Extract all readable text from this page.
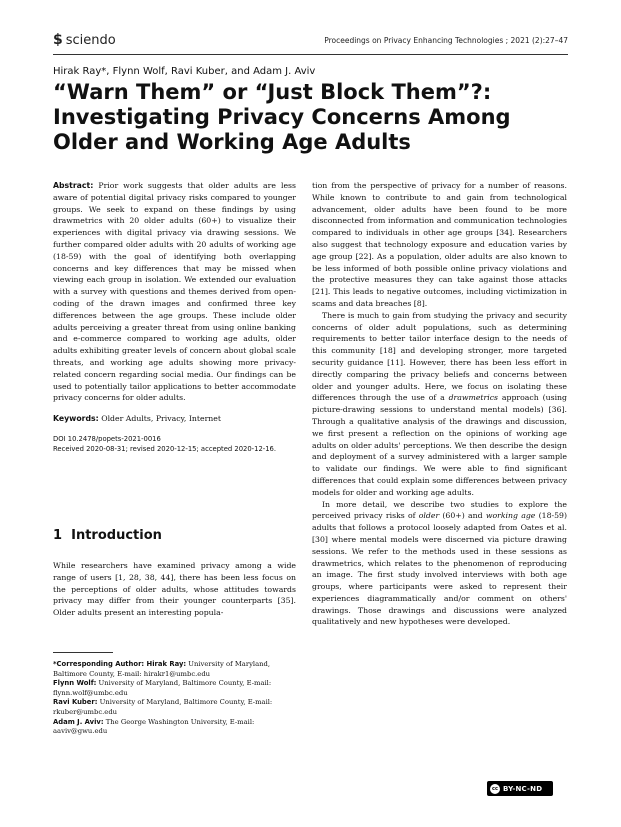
$ sciendo	Proceedings on Privacy Enhancing Technologies ; 2021 (2):27–47
Hirak Ray*, Flynn Wolf, Ravi Kuber, and Adam J. Aviv
“Warn Them” or “Just Block Them”?: Investigating Privacy Concerns Among Older and Working Age Adults

Abstract: Prior work suggests that older adults are less aware of potential digital privacy risks compared to younger groups. We seek to expand on these findings by using drawmetrics with 20 older adults (60+) to visualize their experiences with digital privacy via drawing sessions. We further compared older adults with 20 adults of working age (18-59) with the goal of identifying both overlapping concerns and key differences that may be missed when viewing each group in isolation. We extended our evaluation with a survey with questions and themes derived from open-coding of the drawn images and confirmed three key differences between the age groups. These include older adults perceiving a greater threat from using online banking and e-commerce compared to working age adults, older adults exhibiting greater levels of concern about global scale threats, and working age adults showing more privacy-related concern regarding social media. Our findings can be used to potentially tailor applications to better accommodate privacy concerns for older adults.

Keywords: Older Adults, Privacy, Internet

DOI 10.2478/popets-2021-0016

Received 2020-08-31; revised 2020-12-15; accepted 2020-12-16.

1 Introduction

While researchers have examined privacy among a wide range of users [1, 28, 38, 44], there has been less focus on the perceptions of older adults, whose attitudes towards privacy may differ from their younger counterparts [35]. Older adults present an interesting popula-

*Corresponding Author: Hirak Ray: University of Maryland, Baltimore County, E-mail: hirakr1@umbc.edu

Flynn Wolf: University of Maryland, Baltimore County, E-mail: flynn.wolf@umbc.edu

Ravi Kuber: University of Maryland, Baltimore County, E-mail: rkuber@umbc.edu

Adam J. Aviv: The George Washington University, E-mail: aaviv@gwu.edu

tion from the perspective of privacy for a number of reasons. While known to contribute to and gain from technological advancement, older adults have been found to be more disconnected from information and communication technologies compared to individuals in other age groups [34]. Researchers also suggest that technology exposure and education varies by age group [22]. As a population, older adults are also known to be less informed of both possible online privacy violations and the protective measures they can take against those attacks [21]. This leads to negative outcomes, including victimization in scams and data breaches [8].

There is much to gain from studying the privacy and security concerns of older adult populations, such as determining requirements to better tailor interface design to the needs of this community [18] and developing stronger, more targeted security guidance [11]. However, there has been less effort in directly comparing the privacy beliefs and concerns between older and younger adults. Here, we focus on isolating these differences through the use of a drawmetrics approach (using picture-drawing sessions to understand mental models) [36]. Through a qualitative analysis of the drawings and discussion, we first present a reflection on the opinions of working age adults on older adults' perceptions. We then describe the design and deployment of a survey administered with a larger sample to validate our findings. We were able to find significant differences that could explain some differences between privacy models for older and working age adults.

In more detail, we describe two studies to explore the perceived privacy risks of older (60+) and working age (18-59) adults that follows a protocol loosely adapted from Oates et al. [30] where mental models were discerned via picture drawing sessions. We refer to the methods used in these sessions as drawmetrics, which relates to the phenomenon of reproducing an image. The first study involved interviews with both age groups, where participants were asked to represent their experiences diagrammatically and/or comment on others' drawings. Those drawings and discussions were analyzed qualitatively and new hypotheses were developed.

cc BY-NC-ND
